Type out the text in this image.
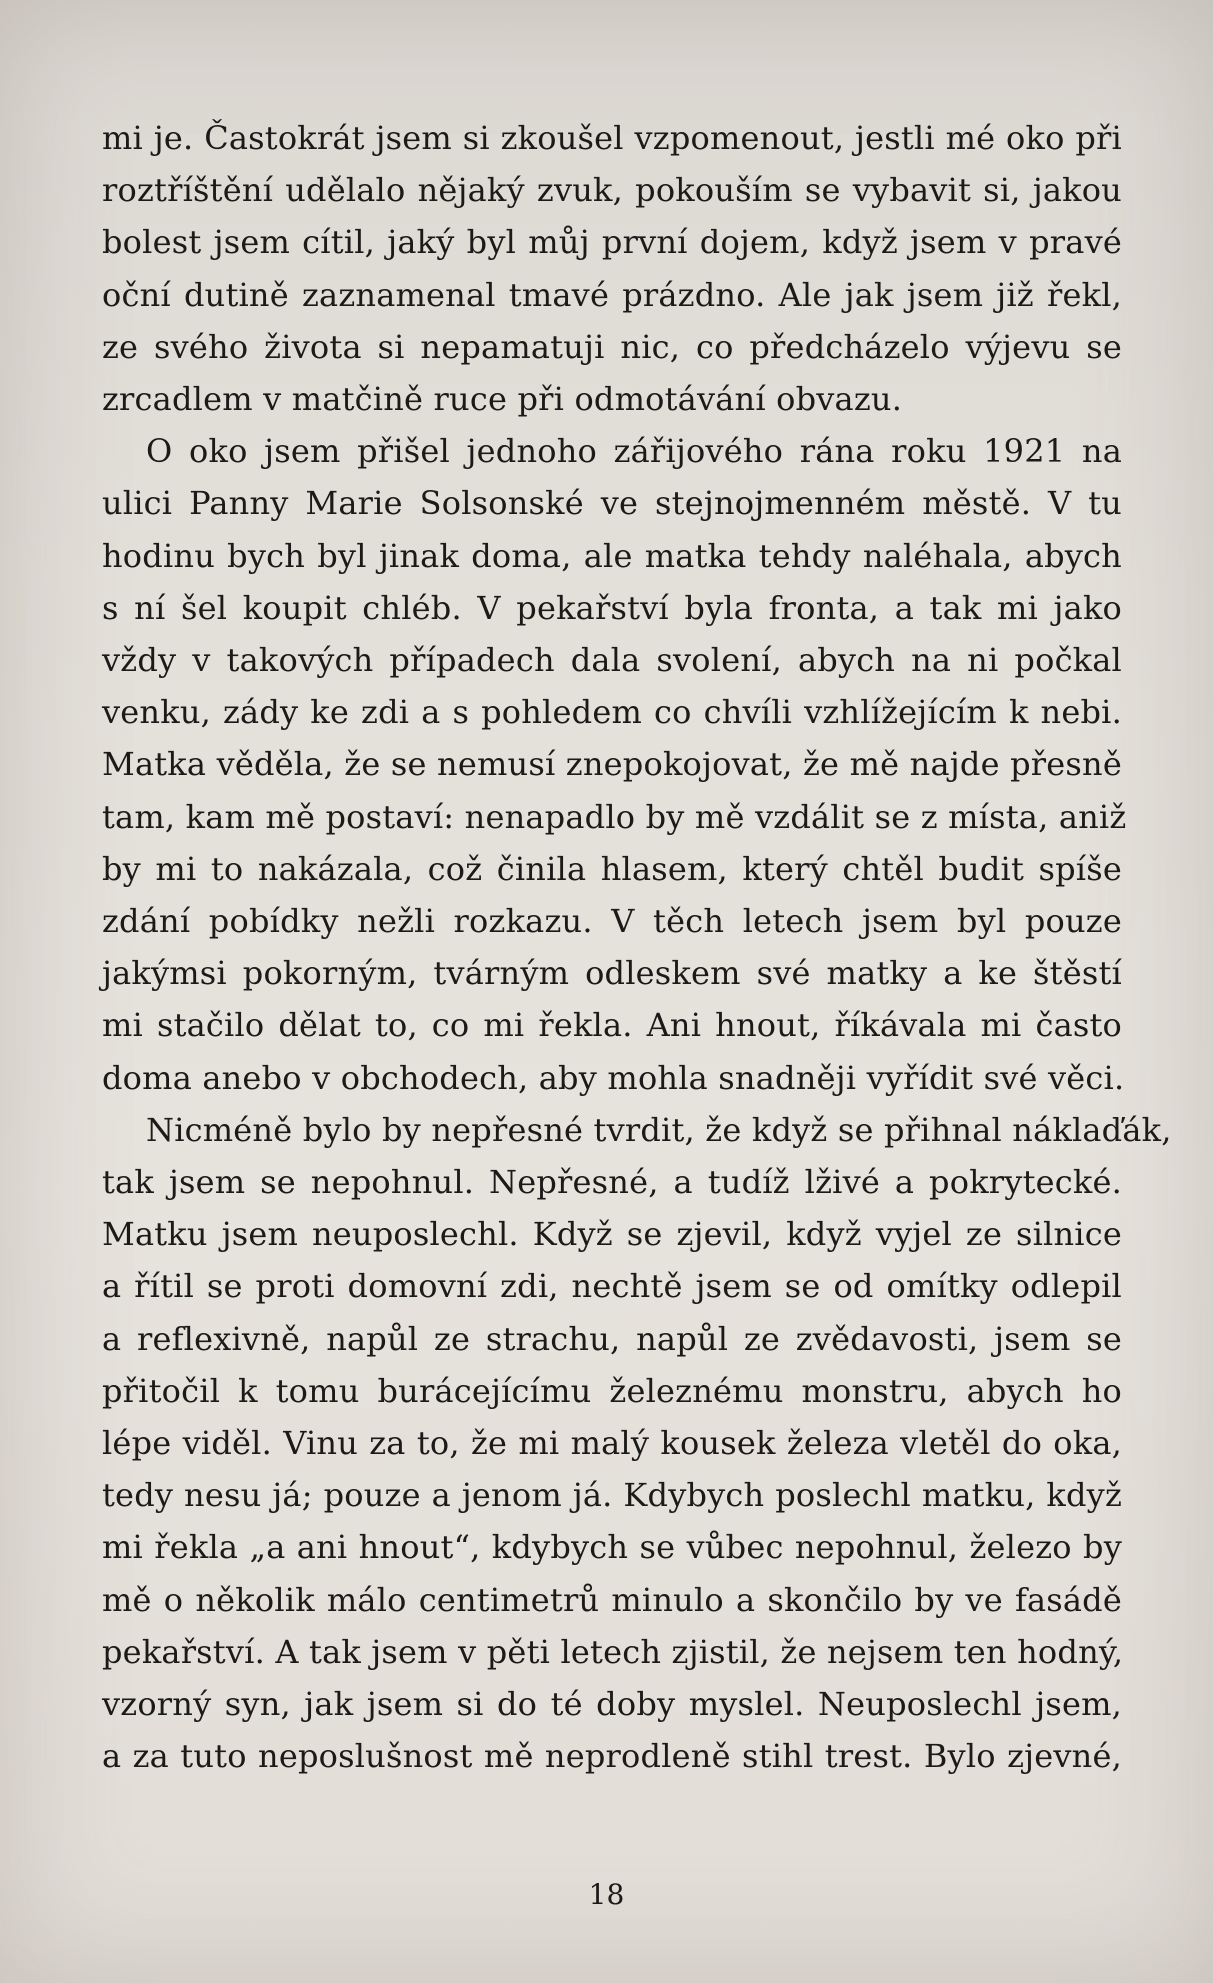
mi je. Častokrát jsem si zkoušel vzpomenout, jestli mé oko při
roztříštění udělalo nějaký zvuk, pokouším se vybavit si, jakou
bolest jsem cítil, jaký byl můj první dojem, když jsem v pravé
oční dutině zaznamenal tmavé prázdno. Ale jak jsem již řekl,
ze svého života si nepamatuji nic, co předcházelo výjevu se
zrcadlem v matčině ruce při odmotávání obvazu.
O oko jsem přišel jednoho zářijového rána roku 1921 na
ulici Panny Marie Solsonské ve stejnojmenném městě. V tu
hodinu bych byl jinak doma, ale matka tehdy naléhala, abych
s ní šel koupit chléb. V pekařství byla fronta, a tak mi jako
vždy v takových případech dala svolení, abych na ni počkal
venku, zády ke zdi a s pohledem co chvíli vzhlížejícím k nebi.
Matka věděla, že se nemusí znepokojovat, že mě najde přesně
tam, kam mě postaví: nenapadlo by mě vzdálit se z místa, aniž
by mi to nakázala, což činila hlasem, který chtěl budit spíše
zdání pobídky nežli rozkazu. V těch letech jsem byl pouze
jakýmsi pokorným, tvárným odleskem své matky a ke štěstí
mi stačilo dělat to, co mi řekla. Ani hnout, říkávala mi často
doma anebo v obchodech, aby mohla snadněji vyřídit své věci.
Nicméně bylo by nepřesné tvrdit, že když se přihnal náklaďák,
tak jsem se nepohnul. Nepřesné, a tudíž lživé a pokrytecké.
Matku jsem neuposlechl. Když se zjevil, když vyjel ze silnice
a řítil se proti domovní zdi, nechtě jsem se od omítky odlepil
a reflexivně, napůl ze strachu, napůl ze zvědavosti, jsem se
přitočil k tomu burácejícímu železnému monstru, abych ho
lépe viděl. Vinu za to, že mi malý kousek železa vletěl do oka,
tedy nesu já; pouze a jenom já. Kdybych poslechl matku, když
mi řekla „a ani hnout“, kdybych se vůbec nepohnul, železo by
mě o několik málo centimetrů minulo a skončilo by ve fasádě
pekařství. A tak jsem v pěti letech zjistil, že nejsem ten hodný,
vzorný syn, jak jsem si do té doby myslel. Neuposlechl jsem,
a za tuto neposlušnost mě neprodleně stihl trest. Bylo zjevné,
18
